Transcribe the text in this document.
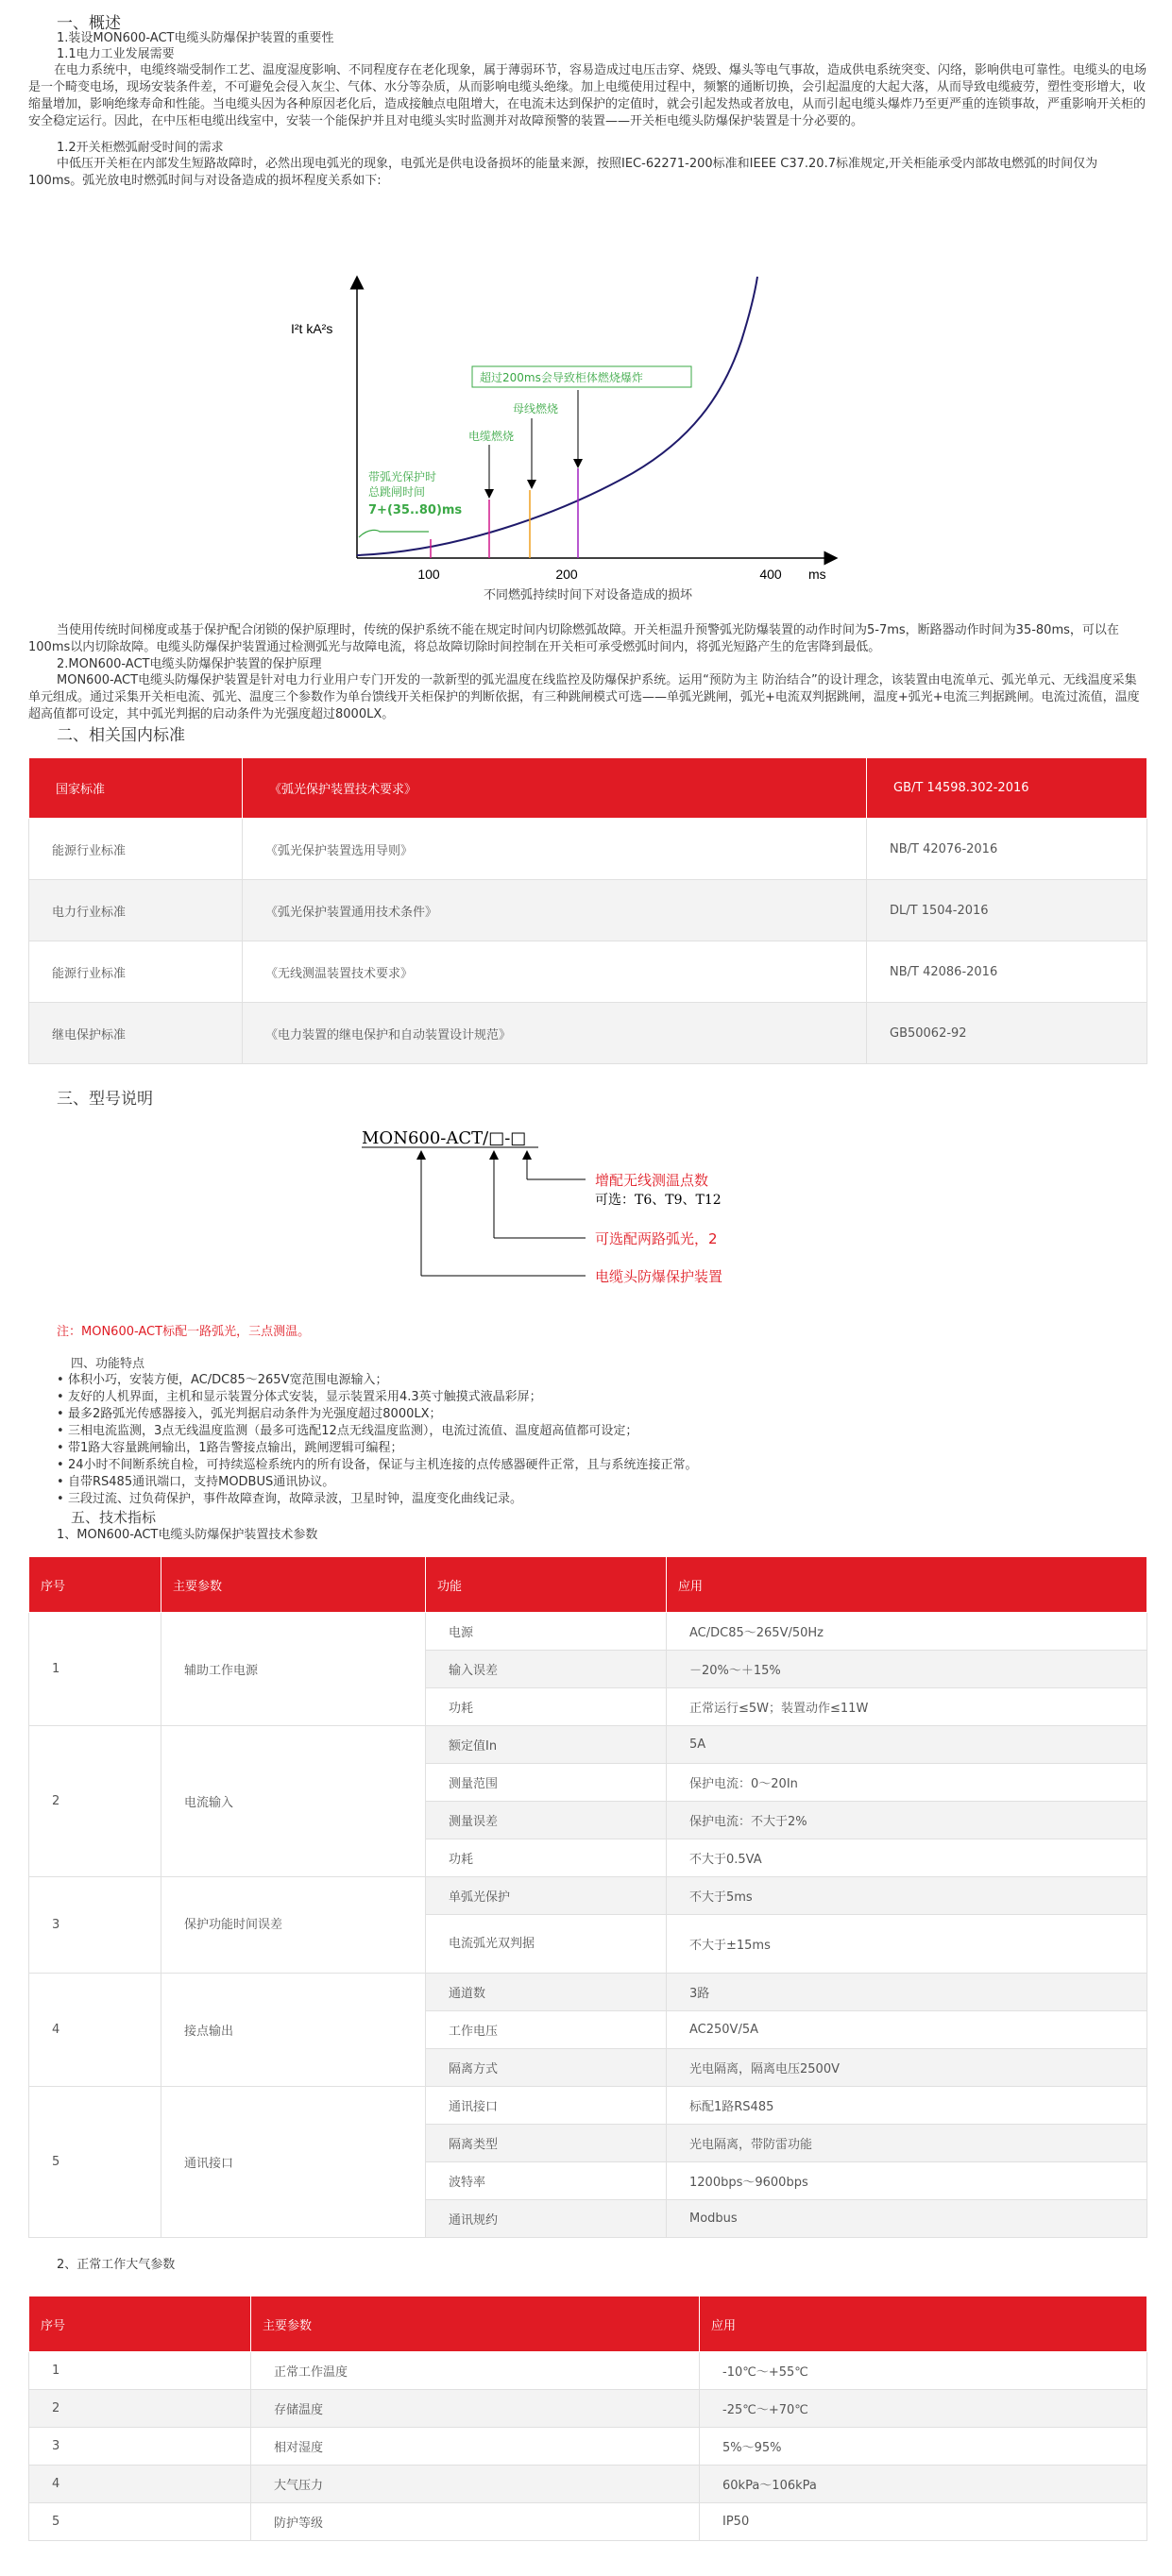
一、概述
1.装设MON600-ACT电缆头防爆保护装置的重要性
1.1电力工业发展需要
在电力系统中，电缆终端受制作工艺、温度湿度影响、不同程度存在老化现象，属于薄弱环节，容易造成过电压击穿、烧毁、爆头等电气事故，造成供电系统突变、闪络，影响供电可靠性。电缆头的电场是一个畸变电场，现场安装条件差，不可避免会侵入灰尘、气体、水分等杂质，从而影响电缆头绝缘。加上电缆使用过程中，频繁的通断切换，会引起温度的大起大落，从而导致电缆疲劳，塑性变形增大，收缩量增加，影响绝缘寿命和性能。当电缆头因为各种原因老化后，造成接触点电阻增大，在电流未达到保护的定值时，就会引起发热或者放电，从而引起电缆头爆炸乃至更严重的连锁事故，严重影响开关柜的安全稳定运行。因此，在中压柜电缆出线室中，安装一个能保护并且对电缆头实时监测并对故障预警的装置——开关柜电缆头防爆保护装置是十分必要的。
1.2开关柜燃弧耐受时间的需求
中低压开关柜在内部发生短路故障时，必然出现电弧光的现象，电弧光是供电设备损坏的能量来源，按照IEC-62271-200标准和IEEE C37.20.7标准规定,开关柜能承受内部故电燃弧的时间仅为100ms。弧光放电时燃弧时间与对设备造成的损坏程度关系如下:
I²t kA²s
ms
100	200	400
超过200ms会导致柜体燃烧爆炸
母线燃烧
电缆燃烧
带弧光保护时
总跳闸时间
7+(35..80)ms
不同燃弧持续时间下对设备造成的损坏
当使用传统时间梯度或基于保护配合闭锁的保护原理时，传统的保护系统不能在规定时间内切除燃弧故障。开关柜温升预警弧光防爆装置的动作时间为5-7ms，断路器动作时间为35-80ms，可以在100ms以内切除故障。电缆头防爆保护装置通过检测弧光与故障电流，将总故障切除时间控制在开关柜可承受燃弧时间内，将弧光短路产生的危害降到最低。
2.MON600-ACT电缆头防爆保护装置的保护原理
MON600-ACT电缆头防爆保护装置是针对电力行业用户专门开发的一款新型的弧光温度在线监控及防爆保护系统。运用“预防为主 防治结合”的设计理念，该装置由电流单元、弧光单元、无线温度采集单元组成。通过采集开关柜电流、弧光、温度三个参数作为单台馈线开关柜保护的判断依据，有三种跳闸模式可选——单弧光跳闸，弧光+电流双判据跳闸，温度+弧光+电流三判据跳闸。电流过流值，温度超高值都可设定，其中弧光判据的启动条件为光强度超过8000LX。
二、相关国内标准
国家标准	《弧光保护装置技术要求》	GB/T 14598.302-2016
能源行业标准	《弧光保护装置选用导则》	NB/T 42076-2016
电力行业标准	《弧光保护装置通用技术条件》	DL/T 1504-2016
能源行业标准	《无线测温装置技术要求》	NB/T 42086-2016
继电保护标准	《电力装置的继电保护和自动装置设计规范》	GB50062-92
三、型号说明
MON600-ACT/□-□
增配无线测温点数
可选：T6、T9、T12
可选配两路弧光，2
电缆头防爆保护装置
注：MON600-ACT标配一路弧光，三点测温。
四、功能特点
• 体积小巧，安装方便，AC/DC85～265V宽范围电源输入；
• 友好的人机界面，主机和显示装置分体式安装，显示装置采用4.3英寸触摸式液晶彩屏；
• 最多2路弧光传感器接入，弧光判据启动条件为光强度超过8000LX；
• 三相电流监测，3点无线温度监测（最多可选配12点无线温度监测），电流过流值、温度超高值都可设定；
• 带1路大容量跳闸输出，1路告警接点输出，跳闸逻辑可编程；
• 24小时不间断系统自检，可持续巡检系统内的所有设备，保证与主机连接的点传感器硬件正常，且与系统连接正常。
• 自带RS485通讯端口，支持MODBUS通讯协议。
• 三段过流、过负荷保护，事件故障查询，故障录波，卫星时钟，温度变化曲线记录。
五、技术指标
1、MON600-ACT电缆头防爆保护装置技术参数
序号	主要参数	功能	应用
1	辅助工作电源	电源	AC/DC85～265V/50Hz
		输入误差	－20%～＋15%
		功耗	正常运行≤5W；装置动作≤11W
2	电流输入	额定值In	5A
		测量范围	保护电流：0～20In
		测量误差	保护电流：不大于2%
		功耗	不大于0.5VA
3	保护功能时间误差	单弧光保护	不大于5ms
		电流弧光双判据	不大于±15ms
4	接点输出	通道数	3路
		工作电压	AC250V/5A
		隔离方式	光电隔离，隔离电压2500V
5	通讯接口	通讯接口	标配1路RS485
		隔离类型	光电隔离，带防雷功能
		波特率	1200bps～9600bps
		通讯规约	Modbus
2、正常工作大气参数
序号	主要参数	应用
1	正常工作温度	-10℃～+55℃
2	存储温度	-25℃～+70℃
3	相对湿度	5%～95%
4	大气压力	60kPa～106kPa
5	防护等级	IP50
